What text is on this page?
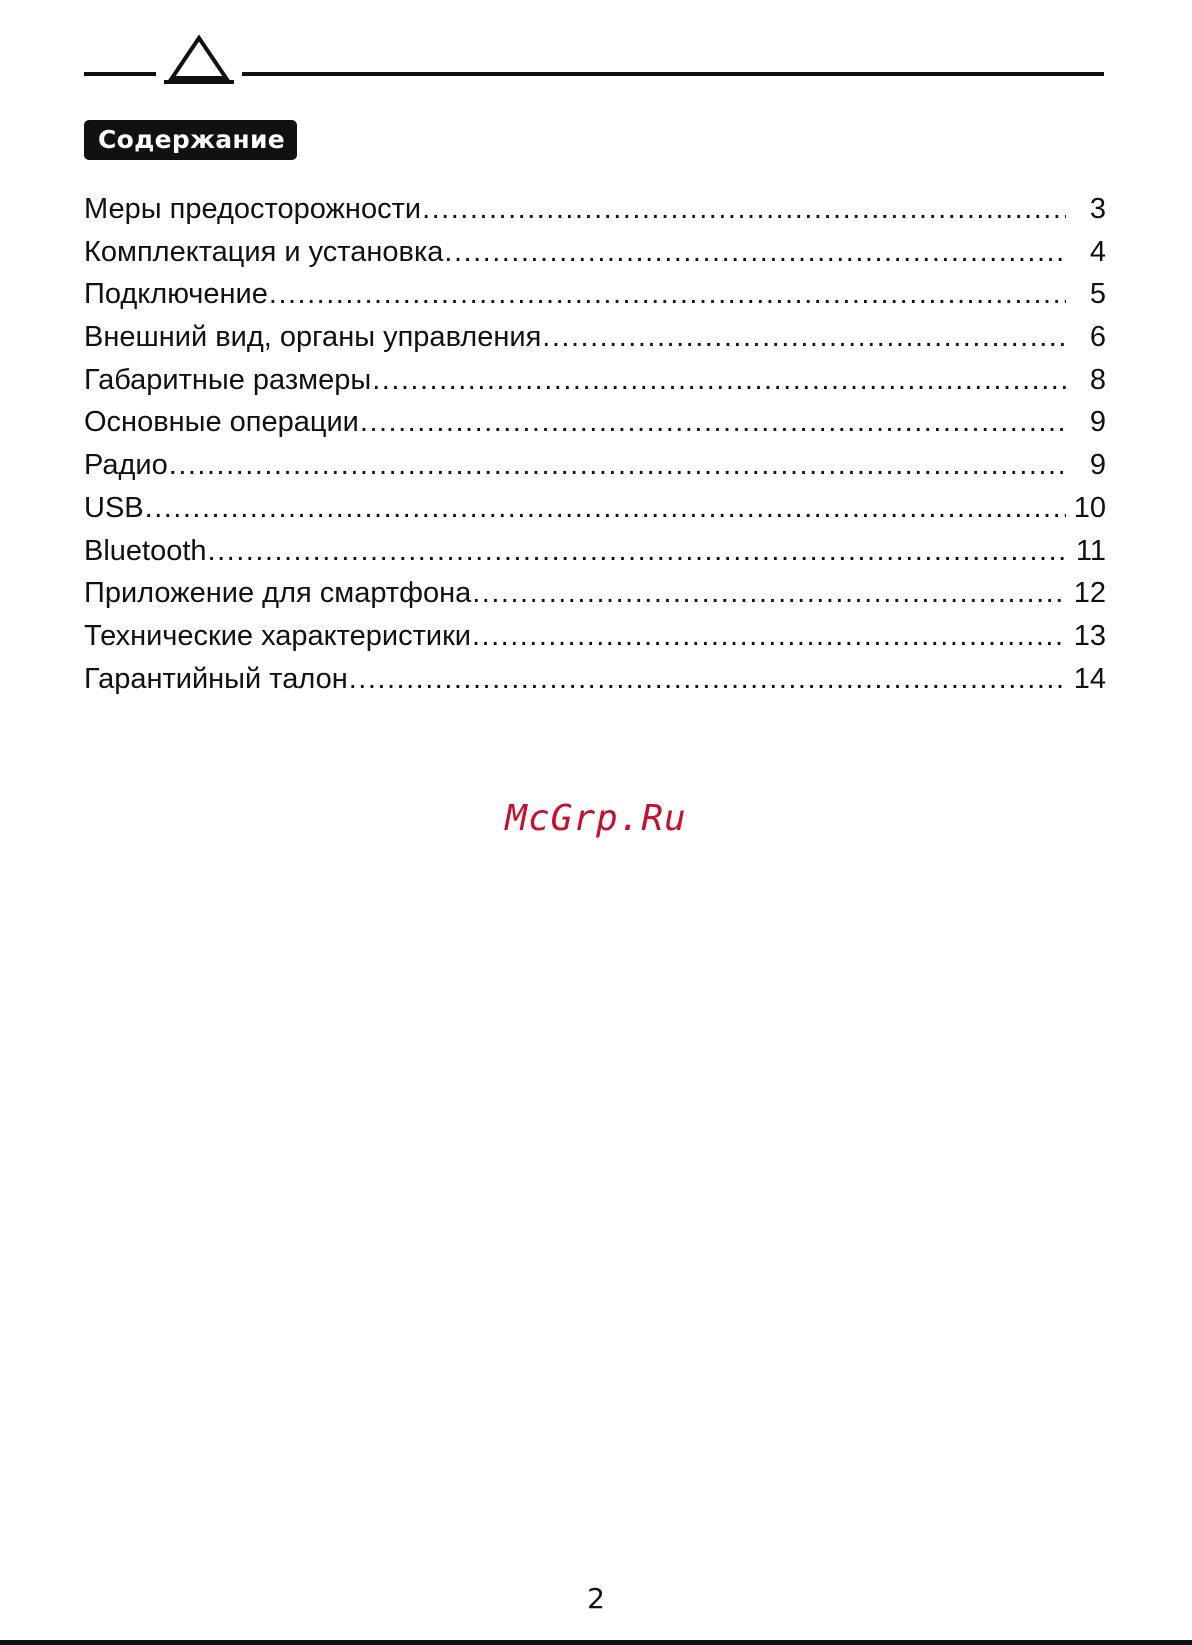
Содержание
Меры предосторожности .....	3
Комплектация и установка .....	4
Подключение .....	5
Внешний вид, органы управления .....	6
Габаритные размеры .....	8
Основные операции .....	9
Радио .....	9
USB .....	10
Bluetooth .....	11
Приложение для смартфона .....	12
Технические характеристики .....	13
Гарантийный талон .....	14
McGrp.Ru
2
